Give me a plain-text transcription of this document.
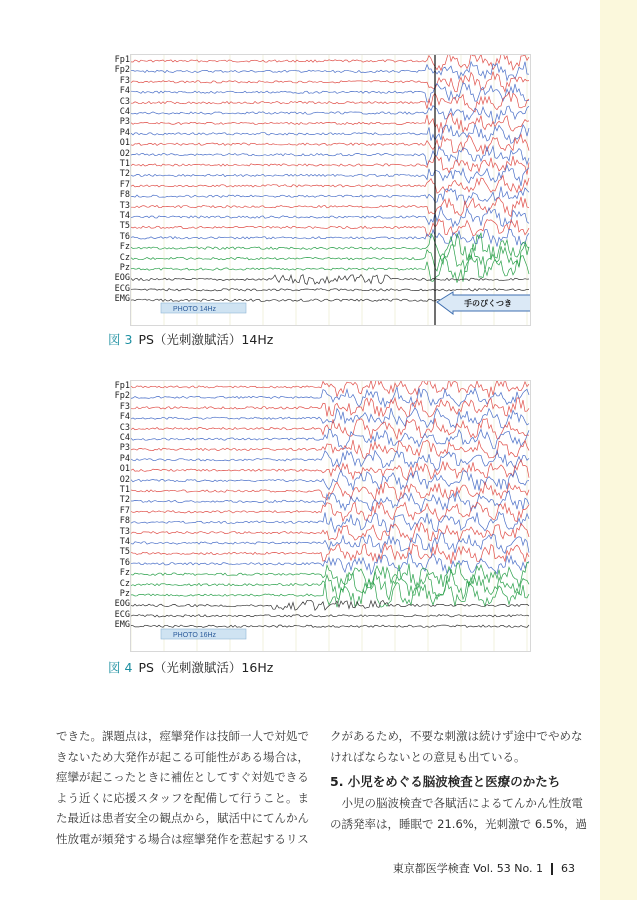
Fp1
Fp2
F3
F4
C3
C4
P3
P4
O1
O2
T1
T2
F7
F8
T3
T4
T5
T6
Fz
Cz
Pz
EOG
ECG
EMG
PHOTO 14Hz
手のぴくつき
図 3 PS（光刺激賦活）14Hz
Fp1
Fp2
F3
F4
C3
C4
P3
P4
O1
O2
T1
T2
F7
F8
T3
T4
T5
T6
Fz
Cz
Pz
EOG
ECG
EMG
PHOTO 16Hz
図 4 PS（光刺激賦活）16Hz

できた。課題点は，痙攣発作は技師一人で対処で

きないため大発作が起こる可能性がある場合は，

痙攣が起こったときに補佐としてすぐ対処できる

よう近くに応援スタッフを配備して行うこと。ま

た最近は患者安全の観点から，賦活中にてんかん

性放電が頻発する場合は痙攣発作を惹起するリス

クがあるため，不要な刺激は続けず途中でやめな

ければならないとの意見も出ている。

5. 小児をめぐる脳波検査と医療のかたち

　小児の脳波検査で各賦活によるてんかん性放電

の誘発率は，睡眠で 21.6%，光刺激で 6.5%，過

東京都医学検査 Vol. 53 No. 1 63
